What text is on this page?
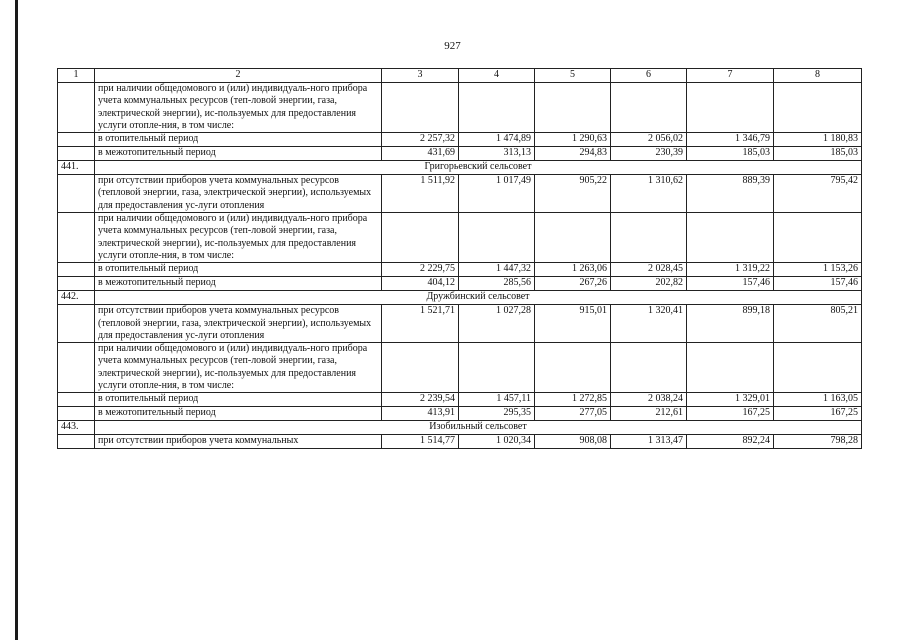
927
1	2	3	4	5	6	7	8
	при наличии общедомового и (или) индивидуаль-ного прибора учета коммунальных ресурсов (теп-ловой энергии, газа, электрической энергии), ис-пользуемых для предоставления услуги отопле-ния, в том числе:						
	в отопительный период	2 257,32	1 474,89	1 290,63	2 056,02	1 346,79	1 180,83
	в межотопительный период	431,69	313,13	294,83	230,39	185,03	185,03
441.	Григорьевский сельсовет						
	при отсутствии приборов учета коммунальных ресурсов (тепловой энергии, газа, электрической энергии), используемых для предоставления ус-луги отопления	1 511,92	1 017,49	905,22	1 310,62	889,39	795,42
	при наличии общедомового и (или) индивидуаль-ного прибора учета коммунальных ресурсов (теп-ловой энергии, газа, электрической энергии), ис-пользуемых для предоставления услуги отопле-ния, в том числе:						
	в отопительный период	2 229,75	1 447,32	1 263,06	2 028,45	1 319,22	1 153,26
	в межотопительный период	404,12	285,56	267,26	202,82	157,46	157,46
442.	Дружбинский сельсовет						
	при отсутствии приборов учета коммунальных ресурсов (тепловой энергии, газа, электрической энергии), используемых для предоставления ус-луги отопления	1 521,71	1 027,28	915,01	1 320,41	899,18	805,21
	при наличии общедомового и (или) индивидуаль-ного прибора учета коммунальных ресурсов (теп-ловой энергии, газа, электрической энергии), ис-пользуемых для предоставления услуги отопле-ния, в том числе:						
	в отопительный период	2 239,54	1 457,11	1 272,85	2 038,24	1 329,01	1 163,05
	в межотопительный период	413,91	295,35	277,05	212,61	167,25	167,25
443.	Изобильный сельсовет						
	при отсутствии приборов учета коммунальных	1 514,77	1 020,34	908,08	1 313,47	892,24	798,28
